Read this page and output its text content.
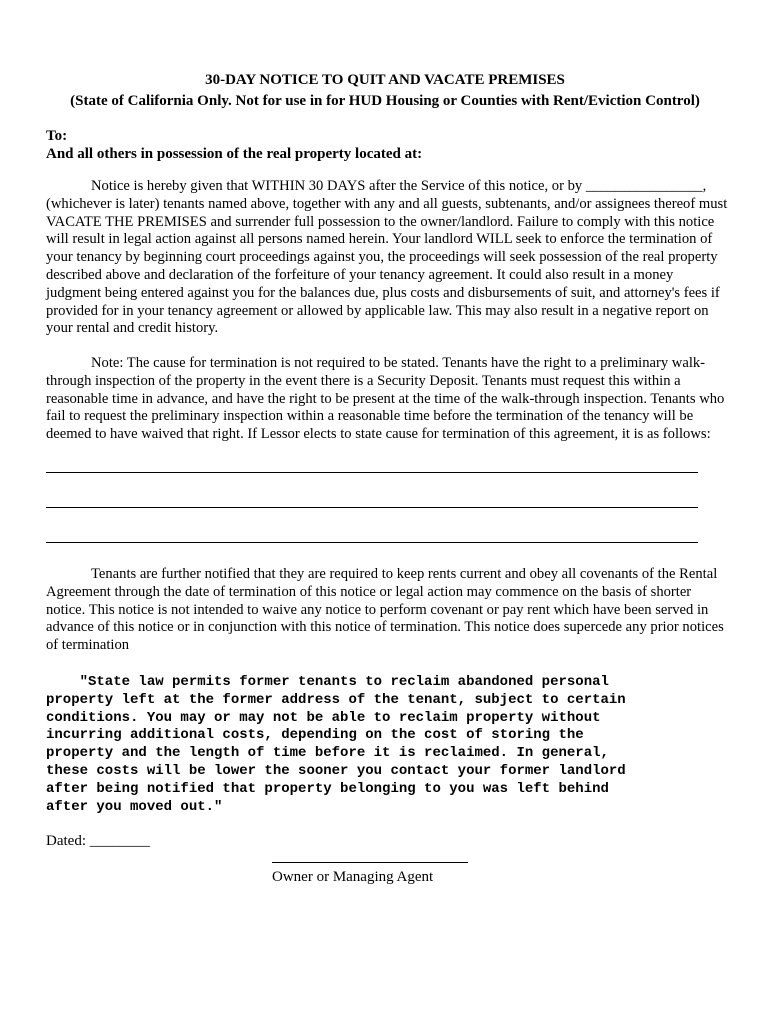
30-DAY NOTICE TO QUIT AND VACATE PREMISES
(State of California Only. Not for use in for HUD Housing or Counties with Rent/Eviction Control)
To:
And all others in possession of the real property located at:
Notice is hereby given that WITHIN 30 DAYS after the Service of this notice, or by ________________, (whichever is later) tenants named above, together with any and all guests, subtenants, and/or assignees thereof must VACATE THE PREMISES and surrender full possession to the owner/landlord. Failure to comply with this notice will result in legal action against all persons named herein. Your landlord WILL seek to enforce the termination of your tenancy by beginning court proceedings against you, the proceedings will seek possession of the real property described above and declaration of the forfeiture of your tenancy agreement. It could also result in a money judgment being entered against you for the balances due, plus costs and disbursements of suit, and attorney's fees if provided for in your tenancy agreement or allowed by applicable law. This may also result in a negative report on your rental and credit history.
Note: The cause for termination is not required to be stated. Tenants have the right to a preliminary walk-through inspection of the property in the event there is a Security Deposit. Tenants must request this within a reasonable time in advance, and have the right to be present at the time of the walk-through inspection. Tenants who fail to request the preliminary inspection within a reasonable time before the termination of the tenancy will be deemed to have waived that right. If Lessor elects to state cause for termination of this agreement, it is as follows:
Tenants are further notified that they are required to keep rents current and obey all covenants of the Rental Agreement through the date of termination of this notice or legal action may commence on the basis of shorter notice. This notice is not intended to waive any notice to perform covenant or pay rent which have been served in advance of this notice or in conjunction with this notice of termination. This notice does supercede any prior notices of termination
"State law permits former tenants to reclaim abandoned personal
property left at the former address of the tenant, subject to certain
conditions. You may or may not be able to reclaim property without
incurring additional costs, depending on the cost of storing the
property and the length of time before it is reclaimed. In general,
these costs will be lower the sooner you contact your former landlord
after being notified that property belonging to you was left behind
after you moved out."
Dated: ________
Owner or Managing Agent
